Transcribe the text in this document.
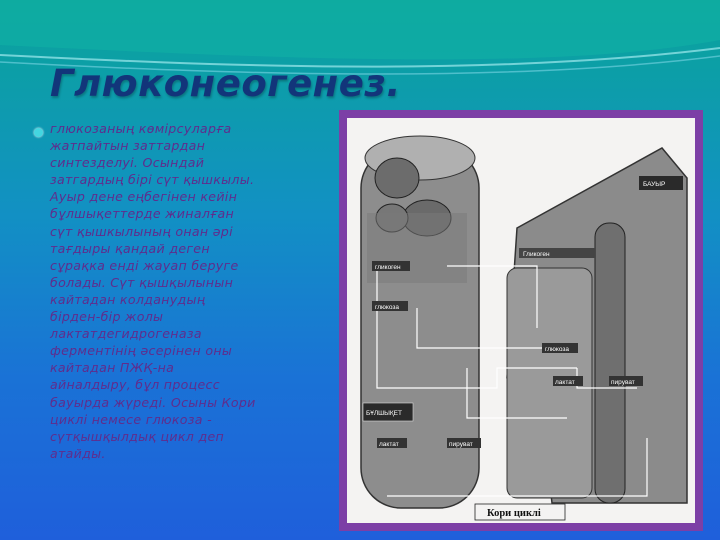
Глюконеогенез.

глюкозаның көмірсуларға
жатпайтын заттардан
синтезделуі. Осындай
затгардың бірі сүт қышкылы.
Ауыр дене еңбегінен кейін
бұлшықеттерде жиналған
сүт қышкылының онан әрі
тағдыры қандай деген
сұрақка енді жауап беруге
болады. Сүт қышқылынын
кайтадан колданудың
бірден-бір жолы
лактатдегидрогеназа
ферментінің әсерінен оны
кайтадан ПЖҚ-на
айналдыру, бұл процесс
бауырда жүреді. Осыны Кори
циклі немесе глюкоза -
сүтқышқылдық цикл деп
атайды.

БАУЫР
БҰЛШЫҚЕТ
гликоген
глюкоза
Гликоген
глюкоза
лактат	пируват
лактат	пируват
Кори циклі
